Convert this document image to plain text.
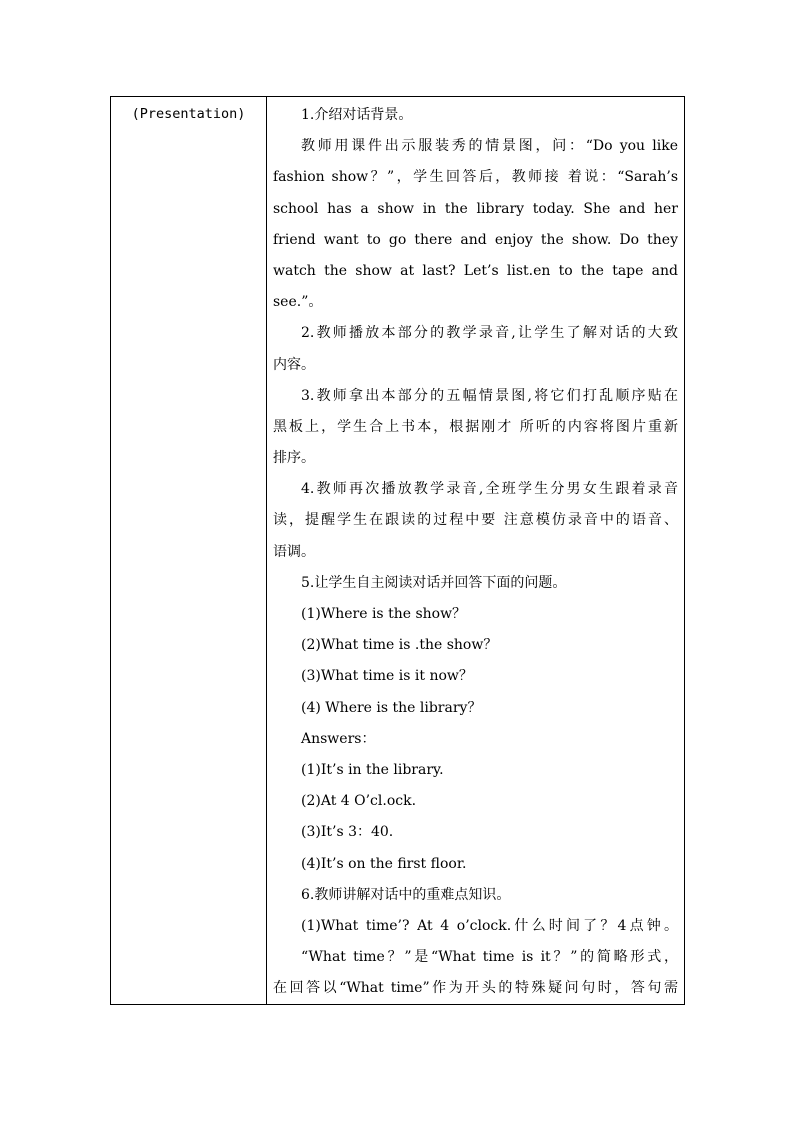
(Presentation)	1.介绍对话背景。
教师用课件出示服装秀的情景图，问：“Do you like
fashion show？”，学生回答后，教师接 着说：“Sarah’s
school has a show in the library today. She and her
friend want to go there and enjoy the show. Do they
watch the show at last? Let’s list.en to the tape and
see.”。
2.教师播放本部分的教学录音,让学生了解对话的大致
内容。
3.教师拿出本部分的五幅情景图,将它们打乱顺序贴在
黑板上，学生合上书本，根据刚才 所听的内容将图片重新
排序。
4.教师再次播放教学录音,全班学生分男女生跟着录音
读，提醒学生在跟读的过程中要 注意模仿录音中的语音、
语调。
5.让学生自主阅读对话并回答下面的问题。
(1)Where is the show？
(2)What time is .the show？
(3)What time is it now？
(4) Where is the library？
Answers：
(1)It’s in the library.
(2)At 4 O’cl.ock.
(3)It’s 3：40.
(4)It’s on the first floor.
6.教师讲解对话中的重难点知识。
(1)What time’? At 4 o’clock.什么时间了？4点钟。
“What time？”是“What time is it？”的简略形式，
在回答以“What time”作为开头的特殊疑问句时，答句需
